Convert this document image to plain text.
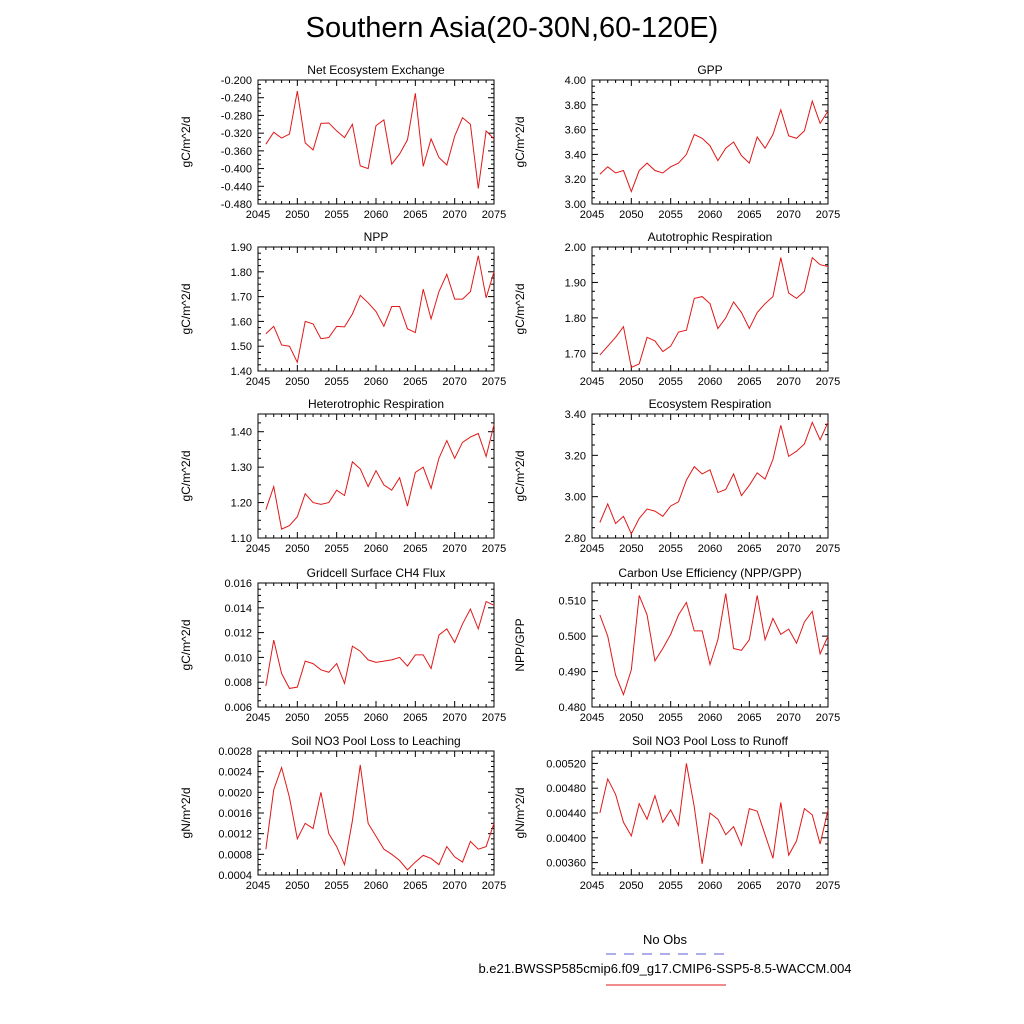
Southern Asia(20-30N,60-120E)
Net Ecosystem Exchange
gC/m^2/d
2045 2050 2055 2060 2065 2070 2075
-0.200
-0.240
-0.280
-0.320
-0.360
-0.400
-0.440
-0.480
GPP
gC/m^2/d
2045 2050 2055 2060 2065 2070 2075
3.00
3.20
3.40
3.60
3.80
4.00
NPP
gC/m^2/d
2045 2050 2055 2060 2065 2070 2075
1.40
1.50
1.60
1.70
1.80
1.90
Autotrophic Respiration
gC/m^2/d
2045 2050 2055 2060 2065 2070 2075
1.70
1.80
1.90
2.00
Heterotrophic Respiration
gC/m^2/d
2045 2050 2055 2060 2065 2070 2075
1.10
1.20
1.30
1.40
Ecosystem Respiration
gC/m^2/d
2045 2050 2055 2060 2065 2070 2075
2.80
3.00
3.20
3.40
Gridcell Surface CH4 Flux
gC/m^2/d
2045 2050 2055 2060 2065 2070 2075
0.006
0.008
0.010
0.012
0.014
0.016
Carbon Use Efficiency (NPP/GPP)
NPP/GPP
2045 2050 2055 2060 2065 2070 2075
0.480
0.490
0.500
0.510
Soil NO3 Pool Loss to Leaching
gN/m^2/d
2045 2050 2055 2060 2065 2070 2075
0.0004
0.0008
0.0012
0.0016
0.0020
0.0024
0.0028
Soil NO3 Pool Loss to Runoff
gN/m^2/d
2045 2050 2055 2060 2065 2070 2075
0.00360
0.00400
0.00440
0.00480
0.00520
No Obs
b.e21.BWSSP585cmip6.f09_g17.CMIP6-SSP5-8.5-WACCM.004
